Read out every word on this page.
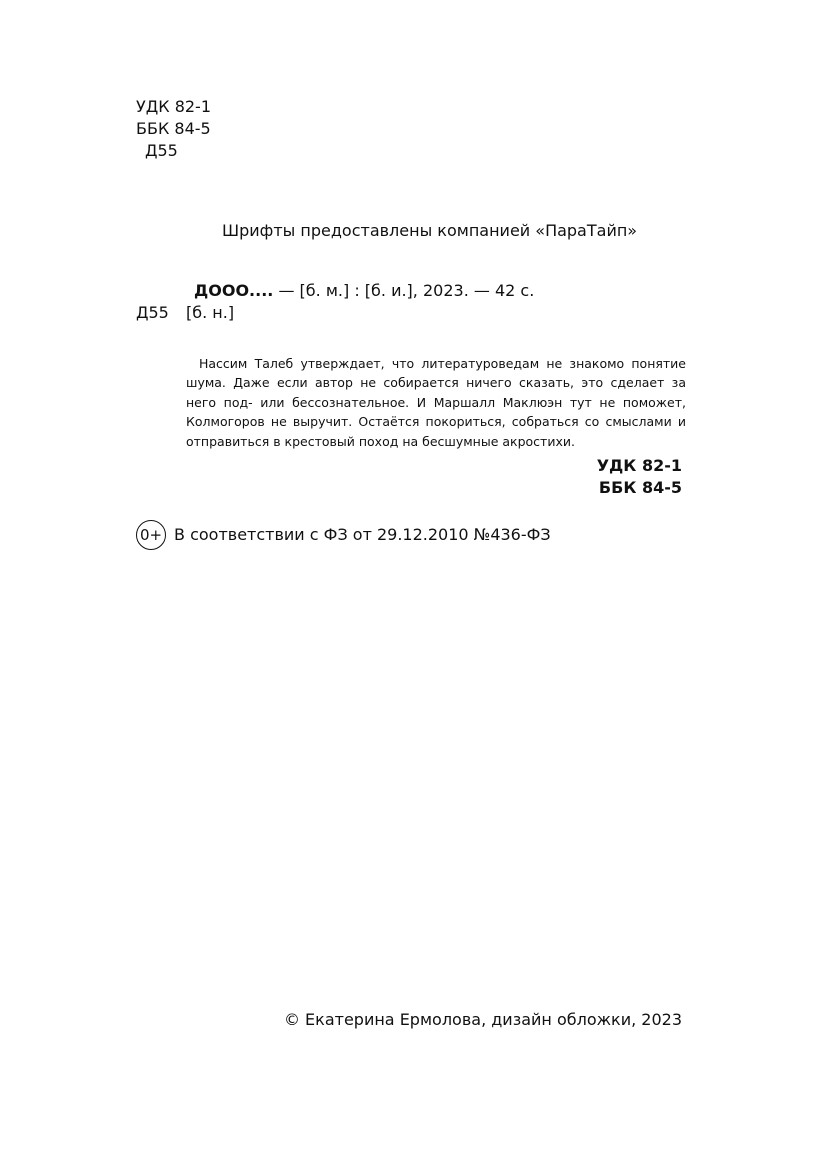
УДК 82-1
ББК 84-5
Д55
Шрифты предоставлены компанией «ПараТайп»
ДООО.... — [б. м.] : [б. и.], 2023. — 42 с.
Д55 [б. н.]

Нассим Талеб утверждает, что литературоведам не знакомо понятие шума. Даже если автор не собирается ничего сказать, это сделает за него под- или бессознательное. И Маршалл Маклюэн тут не поможет, Колмогоров не выручит. Остаётся покориться, собраться со смыслами и отправиться в крестовый поход на бесшумные акростихи.

УДК 82-1
ББК 84-5
0+ В соответствии с ФЗ от 29.12.2010 №436-ФЗ
© Екатерина Ермолова, дизайн обложки, 2023
